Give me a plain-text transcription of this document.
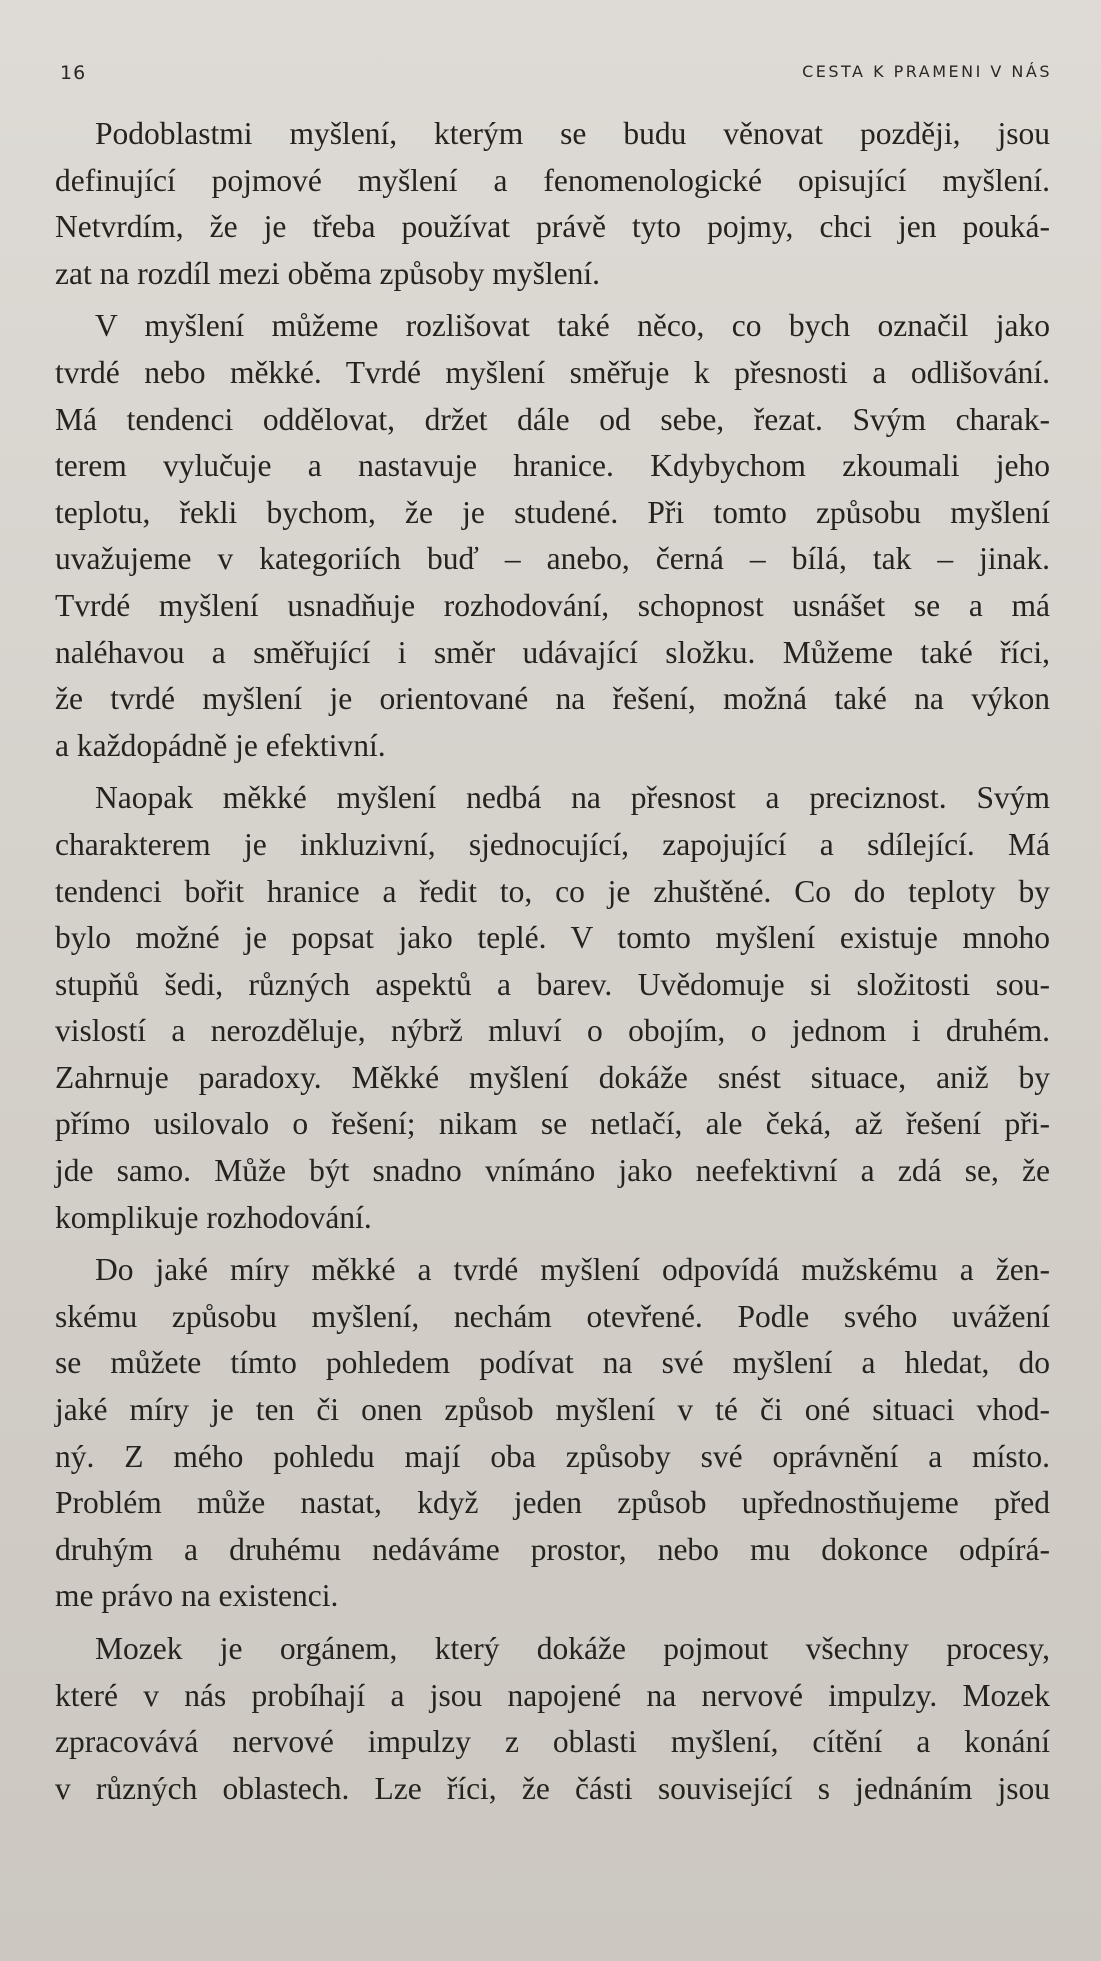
16	CESTA K PRAMENI V NÁS
Podoblastmi myšlení, kterým se budu věnovat později, jsou
definující pojmové myšlení a fenomenologické opisující myšlení.
Netvrdím, že je třeba používat právě tyto pojmy, chci jen pouká-
zat na rozdíl mezi oběma způsoby myšlení.
V myšlení můžeme rozlišovat také něco, co bych označil jako
tvrdé nebo měkké. Tvrdé myšlení směřuje k přesnosti a odlišování.
Má tendenci oddělovat, držet dále od sebe, řezat. Svým charak-
terem vylučuje a nastavuje hranice. Kdybychom zkoumali jeho
teplotu, řekli bychom, že je studené. Při tomto způsobu myšlení
uvažujeme v kategoriích buď – anebo, černá – bílá, tak – jinak.
Tvrdé myšlení usnadňuje rozhodování, schopnost usnášet se a má
naléhavou a směřující i směr udávající složku. Můžeme také říci,
že tvrdé myšlení je orientované na řešení, možná také na výkon
a každopádně je efektivní.
Naopak měkké myšlení nedbá na přesnost a preciznost. Svým
charakterem je inkluzivní, sjednocující, zapojující a sdílející. Má
tendenci bořit hranice a ředit to, co je zhuštěné. Co do teploty by
bylo možné je popsat jako teplé. V tomto myšlení existuje mnoho
stupňů šedi, různých aspektů a barev. Uvědomuje si složitosti sou-
vislostí a nerozděluje, nýbrž mluví o obojím, o jednom i druhém.
Zahrnuje paradoxy. Měkké myšlení dokáže snést situace, aniž by
přímo usilovalo o řešení; nikam se netlačí, ale čeká, až řešení při-
jde samo. Může být snadno vnímáno jako neefektivní a zdá se, že
komplikuje rozhodování.
Do jaké míry měkké a tvrdé myšlení odpovídá mužskému a žen-
skému způsobu myšlení, nechám otevřené. Podle svého uvážení
se můžete tímto pohledem podívat na své myšlení a hledat, do
jaké míry je ten či onen způsob myšlení v té či oné situaci vhod-
ný. Z mého pohledu mají oba způsoby své oprávnění a místo.
Problém může nastat, když jeden způsob upřednostňujeme před
druhým a druhému nedáváme prostor, nebo mu dokonce odpírá-
me právo na existenci.
Mozek je orgánem, který dokáže pojmout všechny procesy,
které v nás probíhají a jsou napojené na nervové impulzy. Mozek
zpracovává nervové impulzy z oblasti myšlení, cítění a konání
v různých oblastech. Lze říci, že části související s jednáním jsou
